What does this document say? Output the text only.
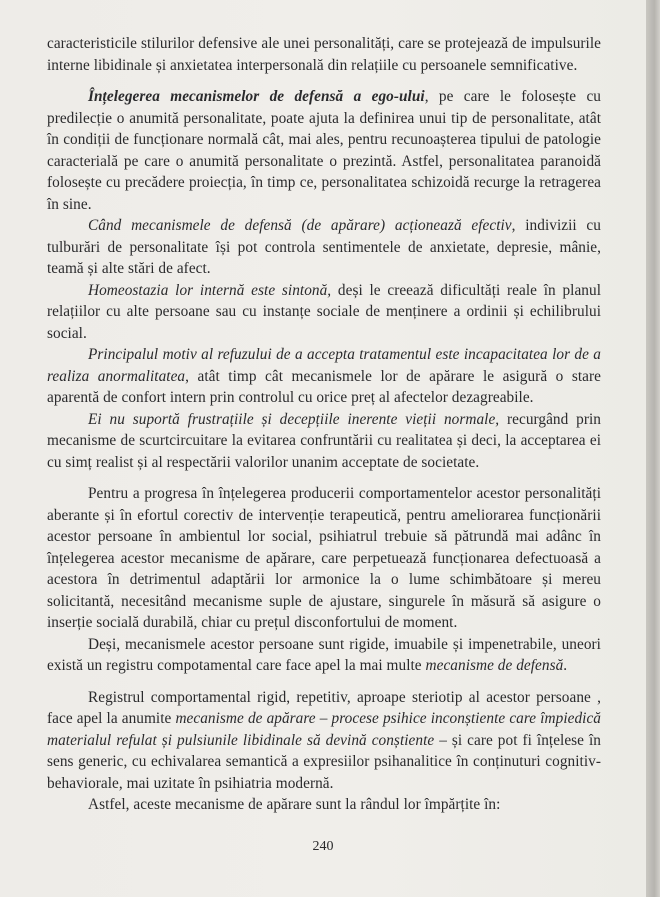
caracteristicile stilurilor defensive ale unei personalități, care se protejează de impulsurile interne libidinale și anxietatea interpersonală din relațiile cu persoanele semnificative.

Înțelegerea mecanismelor de defensă a ego-ului, pe care le folosește cu predilecție o anumită personalitate, poate ajuta la definirea unui tip de personalitate, atât în condiții de funcționare normală cât, mai ales, pentru recunoașterea tipului de patologie caracterială pe care o anumită personalitate o prezintă. Astfel, personalitatea paranoidă folosește cu precădere proiecția, în timp ce, personalitatea schizoidă recurge la retragerea în sine.

Când mecanismele de defensă (de apărare) acționează efectiv, indivizii cu tulburări de personalitate își pot controla sentimentele de anxietate, depresie, mânie, teamă și alte stări de afect.

Homeostazia lor internă este sintonă, deși le creează dificultăți reale în planul relațiilor cu alte persoane sau cu instanțe sociale de menținere a ordinii și echilibrului social.

Principalul motiv al refuzului de a accepta tratamentul este incapacitatea lor de a realiza anormalitatea, atât timp cât mecanismele lor de apărare le asigură o stare aparentă de confort intern prin controlul cu orice preț al afectelor dezagreabile.

Ei nu suportă frustrațiile și decepțiile inerente vieții normale, recurgând prin mecanisme de scurtcircuitare la evitarea confruntării cu realitatea și deci, la acceptarea ei cu simț realist și al respectării valorilor unanim acceptate de societate.

Pentru a progresa în înțelegerea producerii comportamentelor acestor personalități aberante și în efortul corectiv de intervenție terapeutică, pentru ameliorarea funcționării acestor persoane în ambientul lor social, psihiatrul trebuie să pătrundă mai adânc în înțelegerea acestor mecanisme de apărare, care perpetuează funcționarea defectuoasă a acestora în detrimentul adaptării lor armonice la o lume schimbătoare și mereu solicitantă, necesitând mecanisme suple de ajustare, singurele în măsură să asigure o inserție socială durabilă, chiar cu prețul disconfortului de moment.

Deși, mecanismele acestor persoane sunt rigide, imuabile și impenetrabile, uneori există un registru compotamental care face apel la mai multe mecanisme de defensă.

Registrul comportamental rigid, repetitiv, aproape steriotip al acestor persoane , face apel la anumite mecanisme de apărare – procese psihice inconștiente care împiedică materialul refulat și pulsiunile libidinale să devină conștiente – și care pot fi înțelese în sens generic, cu echivalarea semantică a expresiilor psihanalitice în conținuturi cognitiv-behaviorale, mai uzitate în psihiatria modernă.

Astfel, aceste mecanisme de apărare sunt la rândul lor împărțite în:

240
